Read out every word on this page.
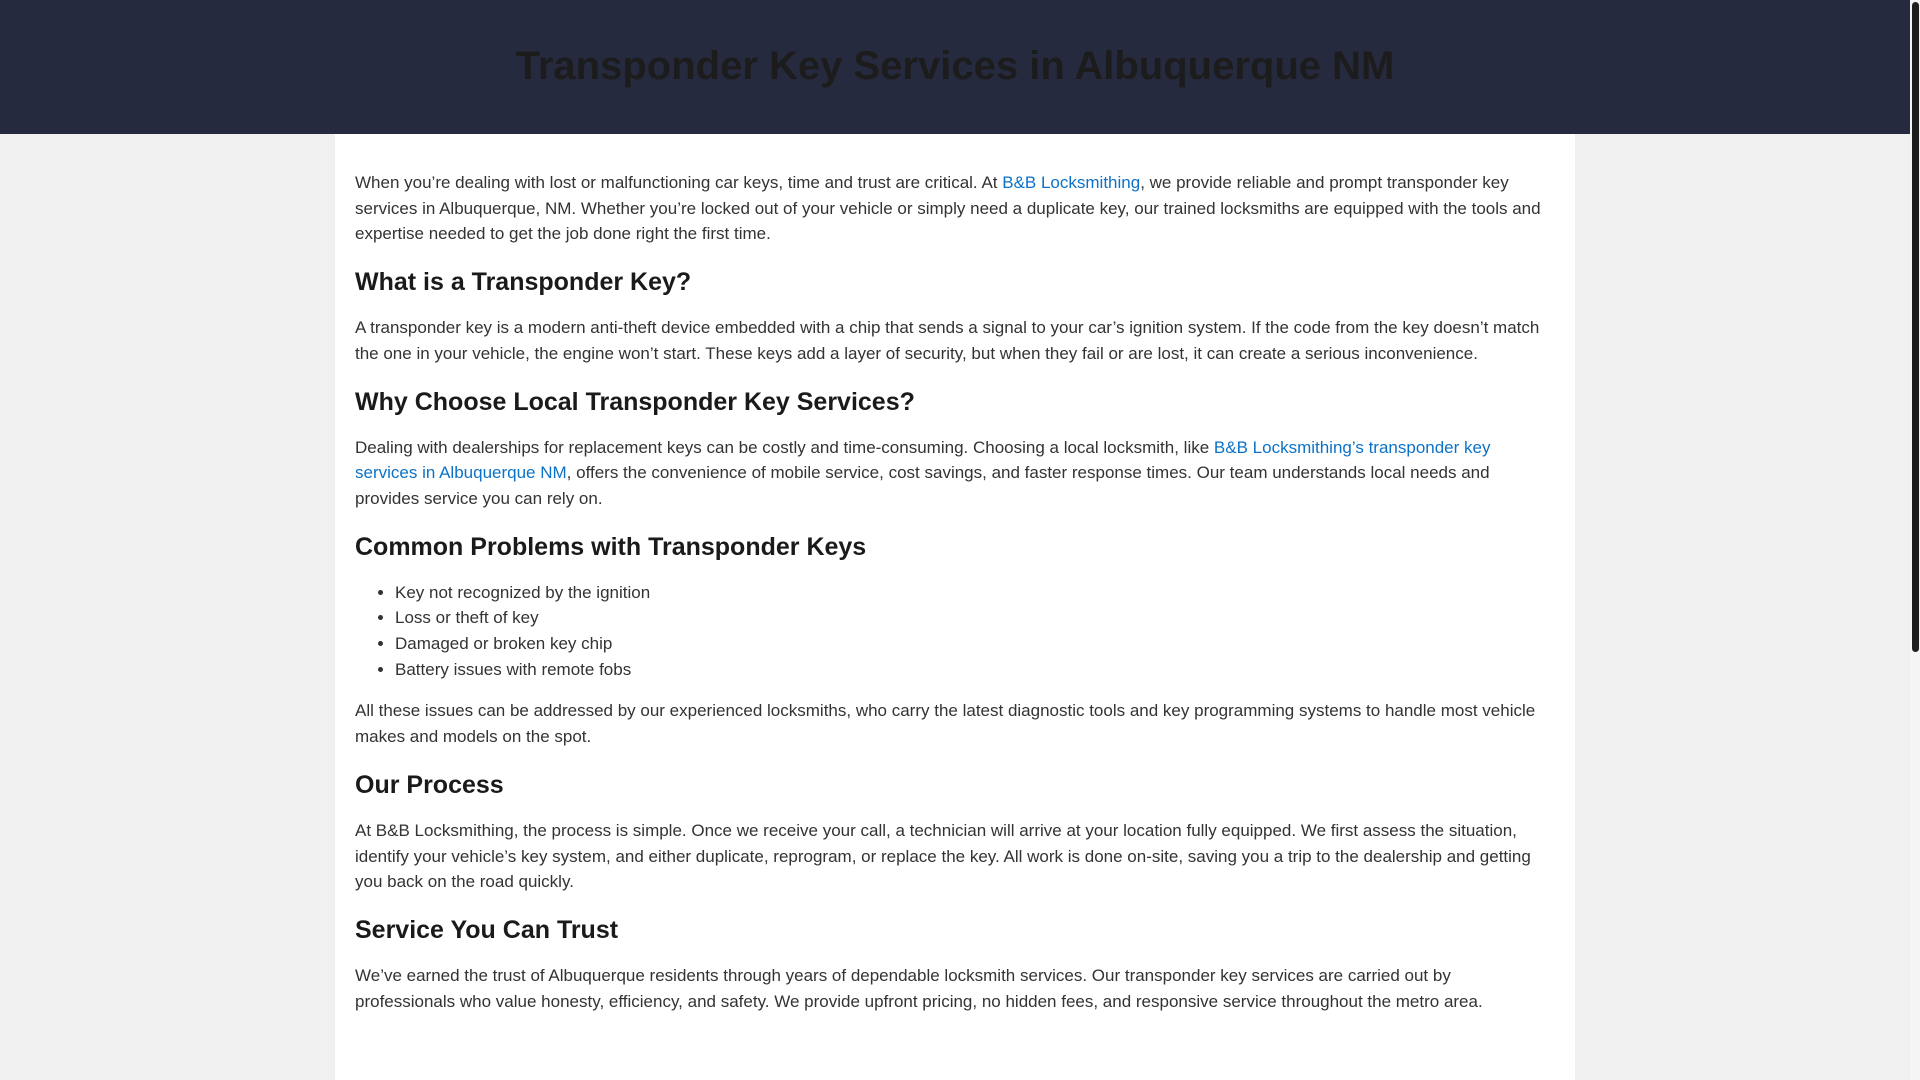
Transponder Key Services in Albuquerque NM

When you’re dealing with lost or malfunctioning car keys, time and trust are critical. At B&B Locksmithing, we provide reliable and prompt transponder key services in Albuquerque, NM. Whether you’re locked out of your vehicle or simply need a duplicate key, our trained locksmiths are equipped with the tools and expertise needed to get the job done right the first time.

What is a Transponder Key?

A transponder key is a modern anti-theft device embedded with a chip that sends a signal to your car’s ignition system. If the code from the key doesn’t match the one in your vehicle, the engine won’t start. These keys add a layer of security, but when they fail or are lost, it can create a serious inconvenience.

Why Choose Local Transponder Key Services?

Dealing with dealerships for replacement keys can be costly and time-consuming. Choosing a local locksmith, like B&B Locksmithing’s transponder key services in Albuquerque NM, offers the convenience of mobile service, cost savings, and faster response times. Our team understands local needs and provides service you can rely on.

Common Problems with Transponder Keys
• Key not recognized by the ignition
• Loss or theft of key
• Damaged or broken key chip
• Battery issues with remote fobs

All these issues can be addressed by our experienced locksmiths, who carry the latest diagnostic tools and key programming systems to handle most vehicle makes and models on the spot.

Our Process

At B&B Locksmithing, the process is simple. Once we receive your call, a technician will arrive at your location fully equipped. We first assess the situation, identify your vehicle’s key system, and either duplicate, reprogram, or replace the key. All work is done on-site, saving you a trip to the dealership and getting you back on the road quickly.

Service You Can Trust

We’ve earned the trust of Albuquerque residents through years of dependable locksmith services. Our transponder key services are carried out by professionals who value honesty, efficiency, and safety. We provide upfront pricing, no hidden fees, and responsive service throughout the metro area.
